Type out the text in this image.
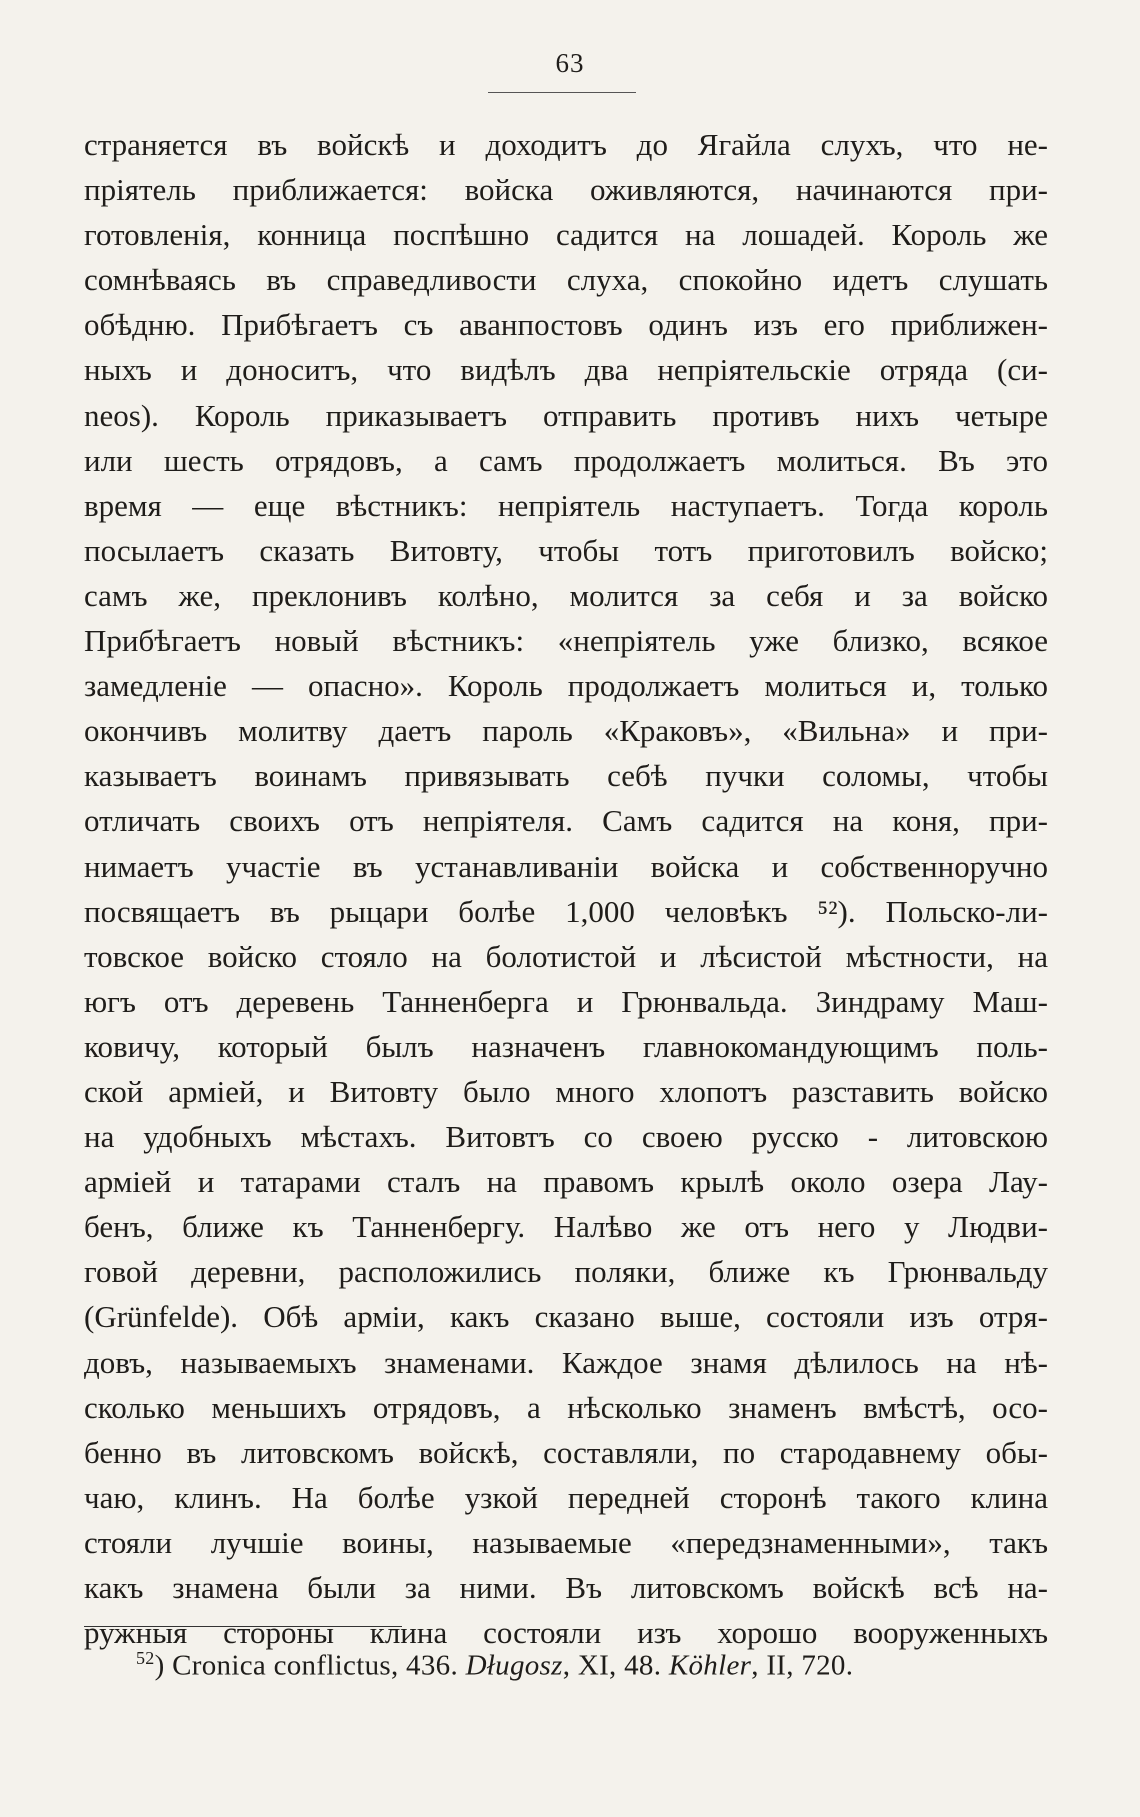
63
страняется въ войскѣ и доходитъ до Ягайла слухъ, что не-
пріятель приближается: войска оживляются, начинаются при-
готовленія, конница поспѣшно садится на лошадей. Король же
сомнѣваясь въ справедливости слуха, спокойно идетъ слушать
обѣдню. Прибѣгаетъ съ аванпостовъ одинъ изъ его приближен-
ныхъ и доноситъ, что видѣлъ два непріятельскіе отряда (си-
neos). Король приказываетъ отправить противъ нихъ четыре
или шесть отрядовъ, а самъ продолжаетъ молиться. Въ это
время — еще вѣстникъ: непріятель наступаетъ. Тогда король
посылаетъ сказать Витовту, чтобы тотъ приготовилъ войско;
самъ же, преклонивъ колѣно, молится за себя и за войско
Прибѣгаетъ новый вѣстникъ: «непріятель уже близко, всякое
замедленіе — опасно». Король продолжаетъ молиться и, только
окончивъ молитву даетъ пароль «Краковъ», «Вильна» и при-
казываетъ воинамъ привязывать себѣ пучки соломы, чтобы
отличать своихъ отъ непріятеля. Самъ садится на коня, при-
нимаетъ участіе въ устанавливаніи войска и собственноручно
посвящаетъ въ рыцари болѣе 1,000 человѣкъ ⁵²). Польско-ли-
товское войско стояло на болотистой и лѣсистой мѣстности, на
югъ отъ деревень Танненберга и Грюнвальда. Зиндраму Маш-
ковичу, который былъ назначенъ главнокомандующимъ поль-
ской арміей, и Витовту было много хлопотъ разставить войско
на удобныхъ мѣстахъ. Витовтъ со своею русско - литовскою
арміей и татарами сталъ на правомъ крылѣ около озера Лау-
бенъ, ближе къ Танненбергу. Налѣво же отъ него у Людви-
говой деревни, расположились поляки, ближе къ Грюнвальду
(Grünfelde). Обѣ арміи, какъ сказано выше, состояли изъ отря-
довъ, называемыхъ знаменами. Каждое знамя дѣлилось на нѣ-
сколько меньшихъ отрядовъ, а нѣсколько знаменъ вмѣстѣ, осо-
бенно въ литовскомъ войскѣ, составляли, по стародавнему обы-
чаю, клинъ. На болѣе узкой передней сторонѣ такого клина
стояли лучшіе воины, называемые «передзнаменными», такъ
какъ знамена были за ними. Въ литовскомъ войскѣ всѣ на-
ружныя стороны клина состояли изъ хорошо вооруженныхъ
$^{52}$) Cronica conflictus, 436. Długosz, XI, 48. Köhler, II, 720.
